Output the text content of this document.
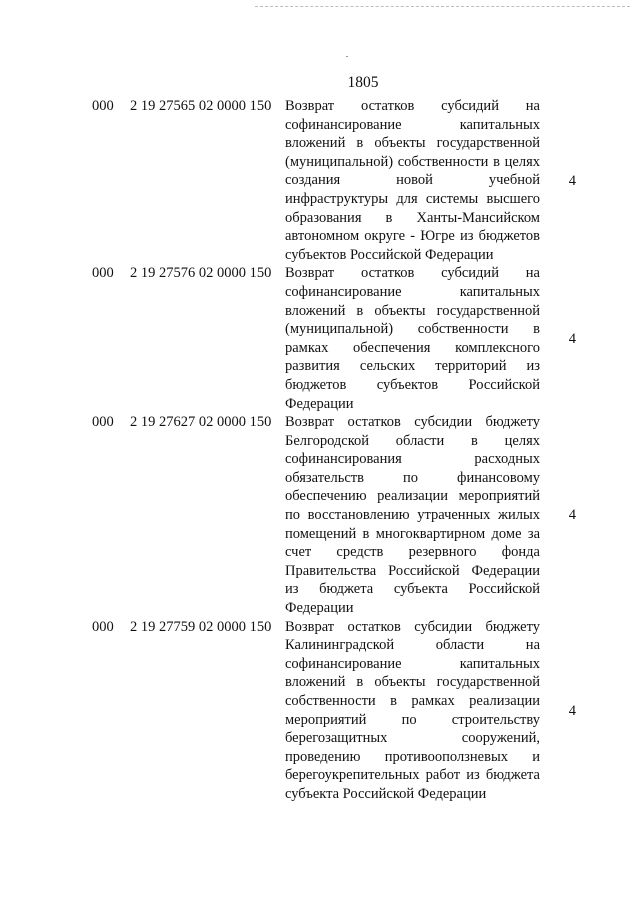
1805
000 2 19 27565 02 0000 150 Возврат остатков субсидий на софинансирование капитальных вложений в объекты государственной (муниципальной) собственности в целях создания новой учебной инфраструктуры для системы высшего образования в Ханты-Мансийском автономном округе - Югре из бюджетов субъектов Российской Федерации
4
000 2 19 27576 02 0000 150 Возврат остатков субсидий на софинансирование капитальных вложений в объекты государственной (муниципальной) собственности в рамках обеспечения комплексного развития сельских территорий из бюджетов субъектов Российской Федерации
4
000 2 19 27627 02 0000 150 Возврат остатков субсидии бюджету Белгородской области в целях софинансирования расходных обязательств по финансовому обеспечению реализации мероприятий по восстановлению утраченных жилых помещений в многоквартирном доме за счет средств резервного фонда Правительства Российской Федерации из бюджета субъекта Российской Федерации
4
000 2 19 27759 02 0000 150 Возврат остатков субсидии бюджету Калининградской области на софинансирование капитальных вложений в объекты государственной собственности в рамках реализации мероприятий по строительству берегозащитных сооружений, проведению противооползневых и берегоукрепительных работ из бюджета субъекта Российской Федерации
4
